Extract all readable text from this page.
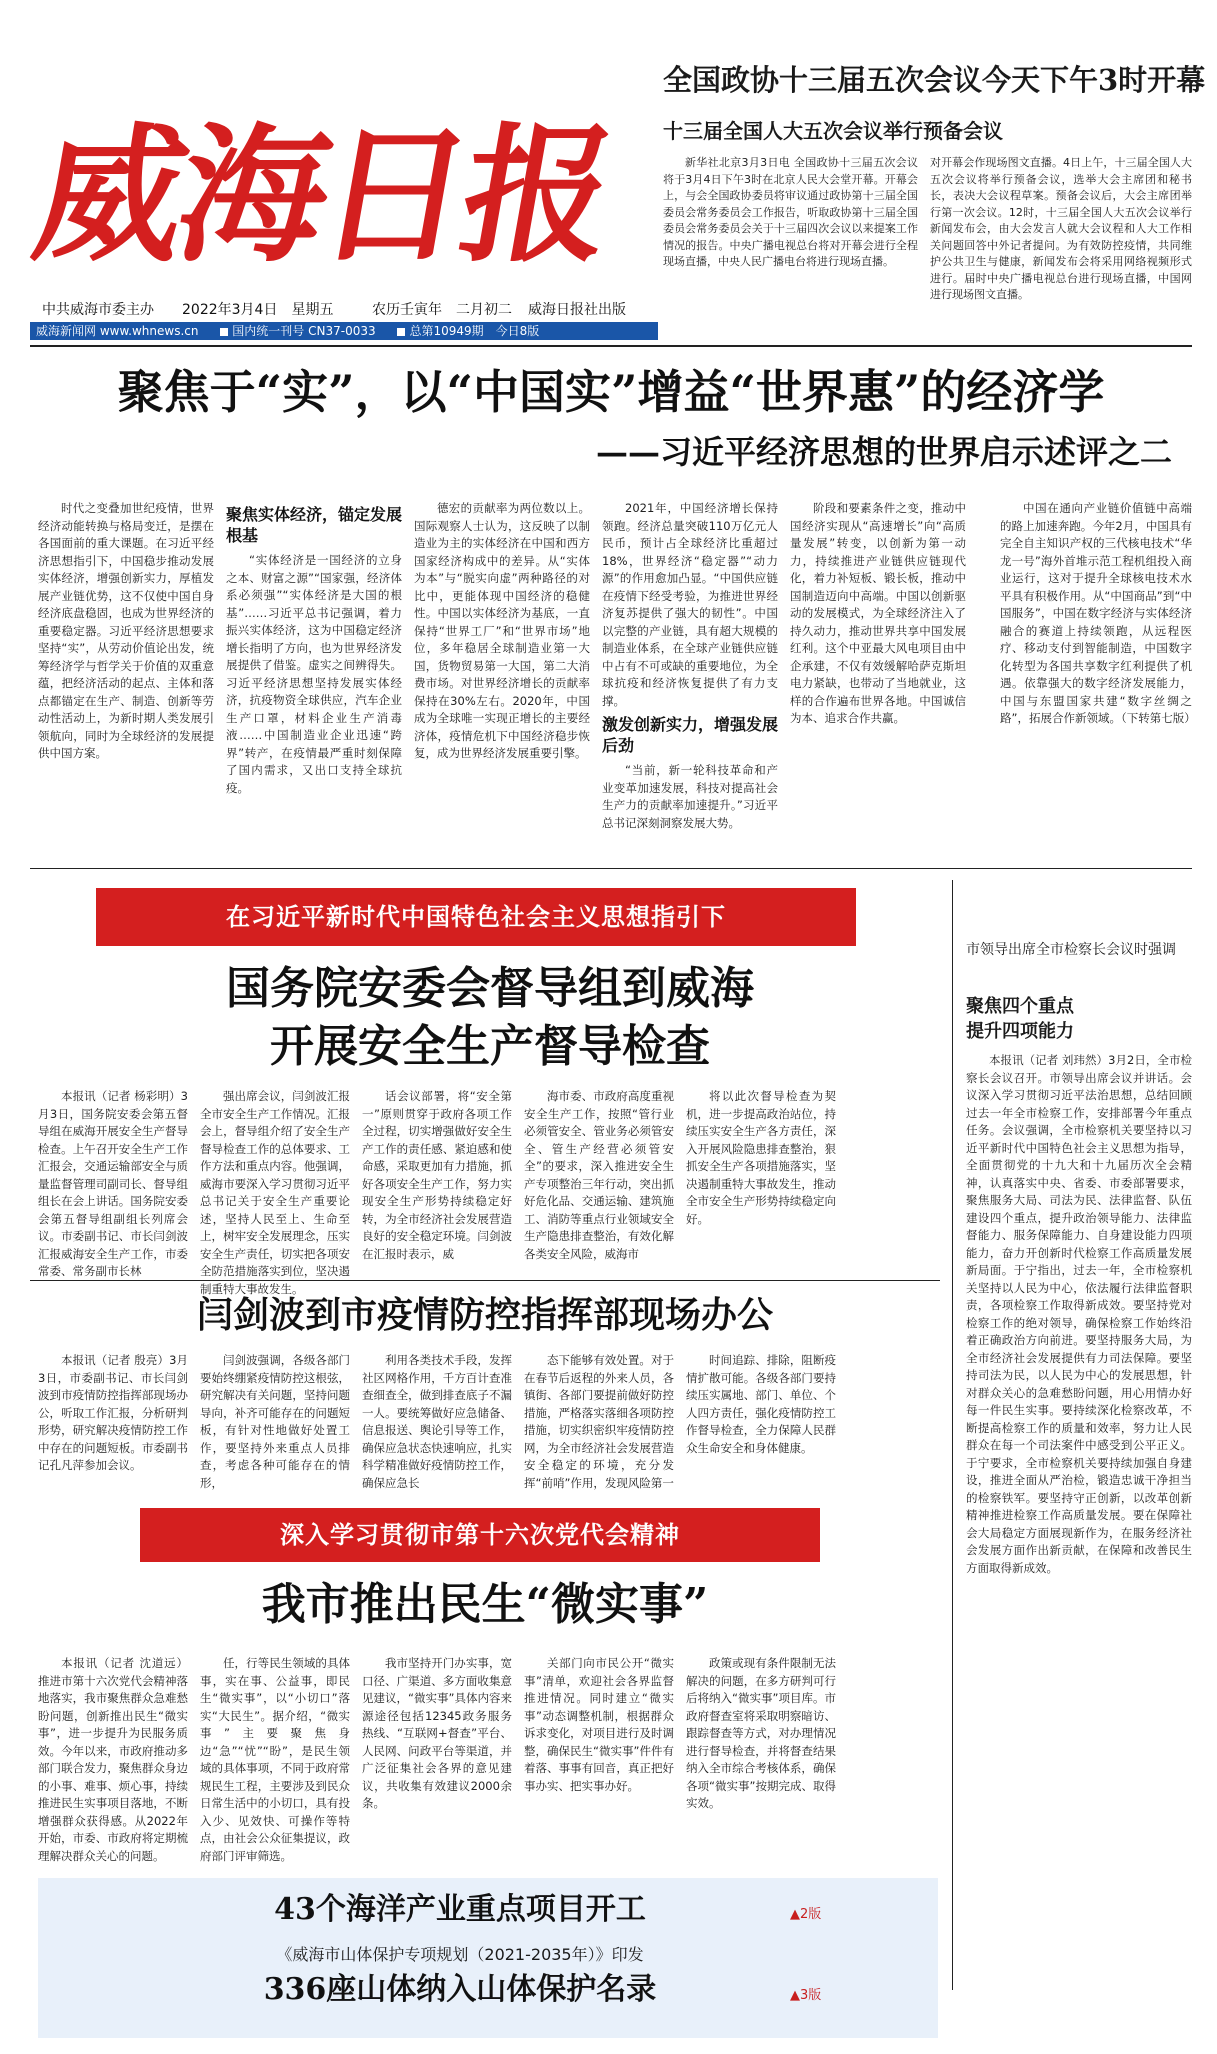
威海日报
中共威海市委主办 2022年3月4日　星期五	农历壬寅年　二月初二 威海日报社出版
威海新闻网 www.whnews.cn	国内统一刊号 CN37-0033	总第10949期　今日8版
全国政协十三届五次会议今天下午3时开幕
十三届全国人大五次会议举行预备会议

新华社北京3月3日电 全国政协十三届五次会议将于3月4日下午3时在北京人民大会堂开幕。开幕会上，与会全国政协委员将审议通过政协第十三届全国委员会常务委员会工作报告，听取政协第十三届全国委员会常务委员会关于十三届四次会议以来提案工作情况的报告。中央广播电视总台将对开幕会进行全程现场直播，中央人民广播电台将进行现场直播。

对开幕会作现场图文直播。4日上午，十三届全国人大五次会议将举行预备会议，选举大会主席团和秘书长，表决大会议程草案。预备会议后，大会主席团举行第一次会议。12时，十三届全国人大五次会议举行新闻发布会，由大会发言人就大会议程和人大工作相关问题回答中外记者提问。为有效防控疫情，共同维护公共卫生与健康，新闻发布会将采用网络视频形式进行。届时中央广播电视总台进行现场直播，中国网进行现场图文直播。

聚焦于“实”，以“中国实”增益“世界惠”的经济学
——习近平经济思想的世界启示述评之二

时代之变叠加世纪疫情，世界经济动能转换与格局变迁，是摆在各国面前的重大课题。在习近平经济思想指引下，中国稳步推动发展实体经济，增强创新实力，厚植发展产业链优势，这不仅使中国自身经济底盘稳固，也成为世界经济的重要稳定器。习近平经济思想要求坚持“实”，从劳动价值论出发，统筹经济学与哲学关于价值的双重意蕴，把经济活动的起点、主体和落点都锚定在生产、制造、创新等劳动性活动上，为新时期人类发展引领航向，同时为全球经济的发展提供中国方案。

聚焦实体经济，锚定发展根基

“实体经济是一国经济的立身之本、财富之源”“国家强，经济体系必须强”“实体经济是大国的根基”……习近平总书记强调，着力振兴实体经济，这为中国稳定经济增长指明了方向，也为世界经济发展提供了借鉴。虚实之间辨得失。习近平经济思想坚持发展实体经济，抗疫物资全球供应，汽车企业生产口罩，材料企业生产消毒液……中国制造业企业迅速“跨界”转产，在疫情最严重时刻保障了国内需求，又出口支持全球抗疫。

德宏的贡献率为两位数以上。国际观察人士认为，这反映了以制造业为主的实体经济在中国和西方国家经济构成中的差异。从“实体为本”与“脱实向虚”两种路径的对比中，更能体现中国经济的稳健性。中国以实体经济为基底，一直保持“世界工厂”和“世界市场”地位，多年稳居全球制造业第一大国，货物贸易第一大国，第二大消费市场。对世界经济增长的贡献率保持在30%左右。2020年，中国成为全球唯一实现正增长的主要经济体，疫情危机下中国经济稳步恢复，成为世界经济发展重要引擎。

2021年，中国经济增长保持领跑。经济总量突破110万亿元人民币，预计占全球经济比重超过18%，世界经济“稳定器”“动力源”的作用愈加凸显。“中国供应链在疫情下经受考验，为推进世界经济复苏提供了强大的韧性”。中国以完整的产业链，具有超大规模的制造业体系，在全球产业链供应链中占有不可或缺的重要地位，为全球抗疫和经济恢复提供了有力支撑。

激发创新实力，增强发展后劲

“当前，新一轮科技革命和产业变革加速发展，科技对提高社会生产力的贡献率加速提升。”习近平总书记深刻洞察发展大势。

阶段和要素条件之变，推动中国经济实现从“高速增长”向“高质量发展”转变，以创新为第一动力，持续推进产业链供应链现代化，着力补短板、锻长板，推动中国制造迈向中高端。中国以创新驱动的发展模式，为全球经济注入了持久动力，推动世界共享中国发展红利。这个中亚最大风电项目由中企承建，不仅有效缓解哈萨克斯坦电力紧缺，也带动了当地就业，这样的合作遍布世界各地。中国诚信为本、追求合作共赢。

中国在通向产业链价值链中高端的路上加速奔跑。今年2月，中国具有完全自主知识产权的三代核电技术“华龙一号”海外首堆示范工程机组投入商业运行，这对于提升全球核电技术水平具有积极作用。从“中国商品”到“中国服务”，中国在数字经济与实体经济融合的赛道上持续领跑，从远程医疗、移动支付到智能制造，中国数字化转型为各国共享数字红利提供了机遇。依靠强大的数字经济发展能力，中国与东盟国家共建“数字丝绸之路”，拓展合作新领域。（下转第七版）

在习近平新时代中国特色社会主义思想指引下
国务院安委会督导组到威海
开展安全生产督导检查

本报讯（记者 杨彩明）3月3日，国务院安委会第五督导组在威海开展安全生产督导检查。上午召开安全生产工作汇报会，交通运输部安全与质量监督管理司副司长、督导组组长在会上讲话。国务院安委会第五督导组副组长列席会议。市委副书记、市长闫剑波汇报威海安全生产工作，市委常委、常务副市长林

强出席会议，闫剑波汇报全市安全生产工作情况。汇报会上，督导组介绍了安全生产督导检查工作的总体要求、工作方法和重点内容。他强调，威海市要深入学习贯彻习近平总书记关于安全生产重要论述，坚持人民至上、生命至上，树牢安全发展理念，压实安全生产责任，切实把各项安全防范措施落实到位，坚决遏制重特大事故发生。

话会议部署，将“安全第一”原则贯穿于政府各项工作全过程，切实增强做好安全生产工作的责任感、紧迫感和使命感，采取更加有力措施，抓好各项安全生产工作，努力实现安全生产形势持续稳定好转，为全市经济社会发展营造良好的安全稳定环境。闫剑波在汇报时表示，威

海市委、市政府高度重视安全生产工作，按照“管行业必须管安全、管业务必须管安全、管生产经营必须管安全”的要求，深入推进安全生产专项整治三年行动，突出抓好危化品、交通运输、建筑施工、消防等重点行业领域安全生产隐患排查整治，有效化解各类安全风险，威海市

将以此次督导检查为契机，进一步提高政治站位，持续压实安全生产各方责任，深入开展风险隐患排查整治，狠抓安全生产各项措施落实，坚决遏制重特大事故发生，推动全市安全生产形势持续稳定向好。

闫剑波到市疫情防控指挥部现场办公

本报讯（记者 殷亮）3月3日，市委副书记、市长闫剑波到市疫情防控指挥部现场办公，听取工作汇报，分析研判形势，研究解决疫情防控工作中存在的问题短板。市委副书记孔凡萍参加会议。

闫剑波强调，各级各部门要始终绷紧疫情防控这根弦，研究解决有关问题，坚持问题导向，补齐可能存在的问题短板，有针对性地做好处置工作，要坚持外来重点人员排查，考虑各种可能存在的情形，

利用各类技术手段，发挥社区网格作用，千方百计查准查细查全，做到排查底子不漏一人。要统筹做好应急储备、信息报送、舆论引导等工作，确保应急状态快速响应，扎实科学精准做好疫情防控工作，确保应急长

态下能够有效处置。对于在春节后返程的外来人员，各镇街、各部门要提前做好防控措施，严格落实落细各项防控措施，切实织密织牢疫情防控网，为全市经济社会发展营造安全稳定的环境，充分发挥“前哨”作用，发现风险第一

时间追踪、排除，阻断疫情扩散可能。各级各部门要持续压实属地、部门、单位、个人四方责任，强化疫情防控工作督导检查，全力保障人民群众生命安全和身体健康。

深入学习贯彻市第十六次党代会精神
我市推出民生“微实事”

本报讯（记者 沈道远）推进市第十六次党代会精神落地落实，我市聚焦群众急难愁盼问题，创新推出民生“微实事”，进一步提升为民服务质效。今年以来，市政府推动多部门联合发力，聚焦群众身边的小事、难事、烦心事，持续推进民生实事项目落地，不断增强群众获得感。从2022年开始，市委、市政府将定期梳理解决群众关心的问题。

任，行等民生领域的具体事，实在事、公益事，即民生“微实事”，以“小切口”落实“大民生”。据介绍，“微实事”主要聚焦身边“急”“忧”“盼”，是民生领域的具体事项，不同于政府常规民生工程，主要涉及到民众日常生活中的小切口，具有投入少、见效快、可操作等特点，由社会公众征集提议，政府部门评审筛选。

我市坚持开门办实事，宽口径、广渠道、多方面收集意见建议，“微实事”具体内容来源途径包括12345政务服务热线、“互联网+督查”平台、人民网、问政平台等渠道，并广泛征集社会各界的意见建议，共收集有效建议2000余条。

关部门向市民公开“微实事”清单，欢迎社会各界监督推进情况。同时建立“微实事”动态调整机制，根据群众诉求变化，对项目进行及时调整，确保民生“微实事”件件有着落、事事有回音，真正把好事办实、把实事办好。

政策或现有条件限制无法解决的问题，在多方研判可行后将纳入“微实事”项目库。市政府督查室将采取明察暗访、跟踪督查等方式，对办理情况进行督导检查，并将督查结果纳入全市综合考核体系，确保各项“微实事”按期完成、取得实效。

市领导出席全市检察长会议时强调
聚焦四个重点
提升四项能力

本报讯（记者 刘玮然）3月2日，全市检察长会议召开。市领导出席会议并讲话。会议深入学习贯彻习近平法治思想，总结回顾过去一年全市检察工作，安排部署今年重点任务。会议强调，全市检察机关要坚持以习近平新时代中国特色社会主义思想为指导，全面贯彻党的十九大和十九届历次全会精神，认真落实中央、省委、市委部署要求，聚焦服务大局、司法为民、法律监督、队伍建设四个重点，提升政治领导能力、法律监督能力、服务保障能力、自身建设能力四项能力，奋力开创新时代检察工作高质量发展新局面。于宁指出，过去一年，全市检察机关坚持以人民为中心，依法履行法律监督职责，各项检察工作取得新成效。要坚持党对检察工作的绝对领导，确保检察工作始终沿着正确政治方向前进。要坚持服务大局，为全市经济社会发展提供有力司法保障。要坚持司法为民，以人民为中心的发展思想，针对群众关心的急难愁盼问题，用心用情办好每一件民生实事。要持续深化检察改革，不断提高检察工作的质量和效率，努力让人民群众在每一个司法案件中感受到公平正义。于宁要求，全市检察机关要持续加强自身建设，推进全面从严治检，锻造忠诚干净担当的检察铁军。要坚持守正创新，以改革创新精神推进检察工作高质量发展。要在保障社会大局稳定方面展现新作为，在服务经济社会发展方面作出新贡献，在保障和改善民生方面取得新成效。

43个海洋产业重点项目开工	▲2版
《威海市山体保护专项规划（2021-2035年）》印发
336座山体纳入山体保护名录	▲3版
